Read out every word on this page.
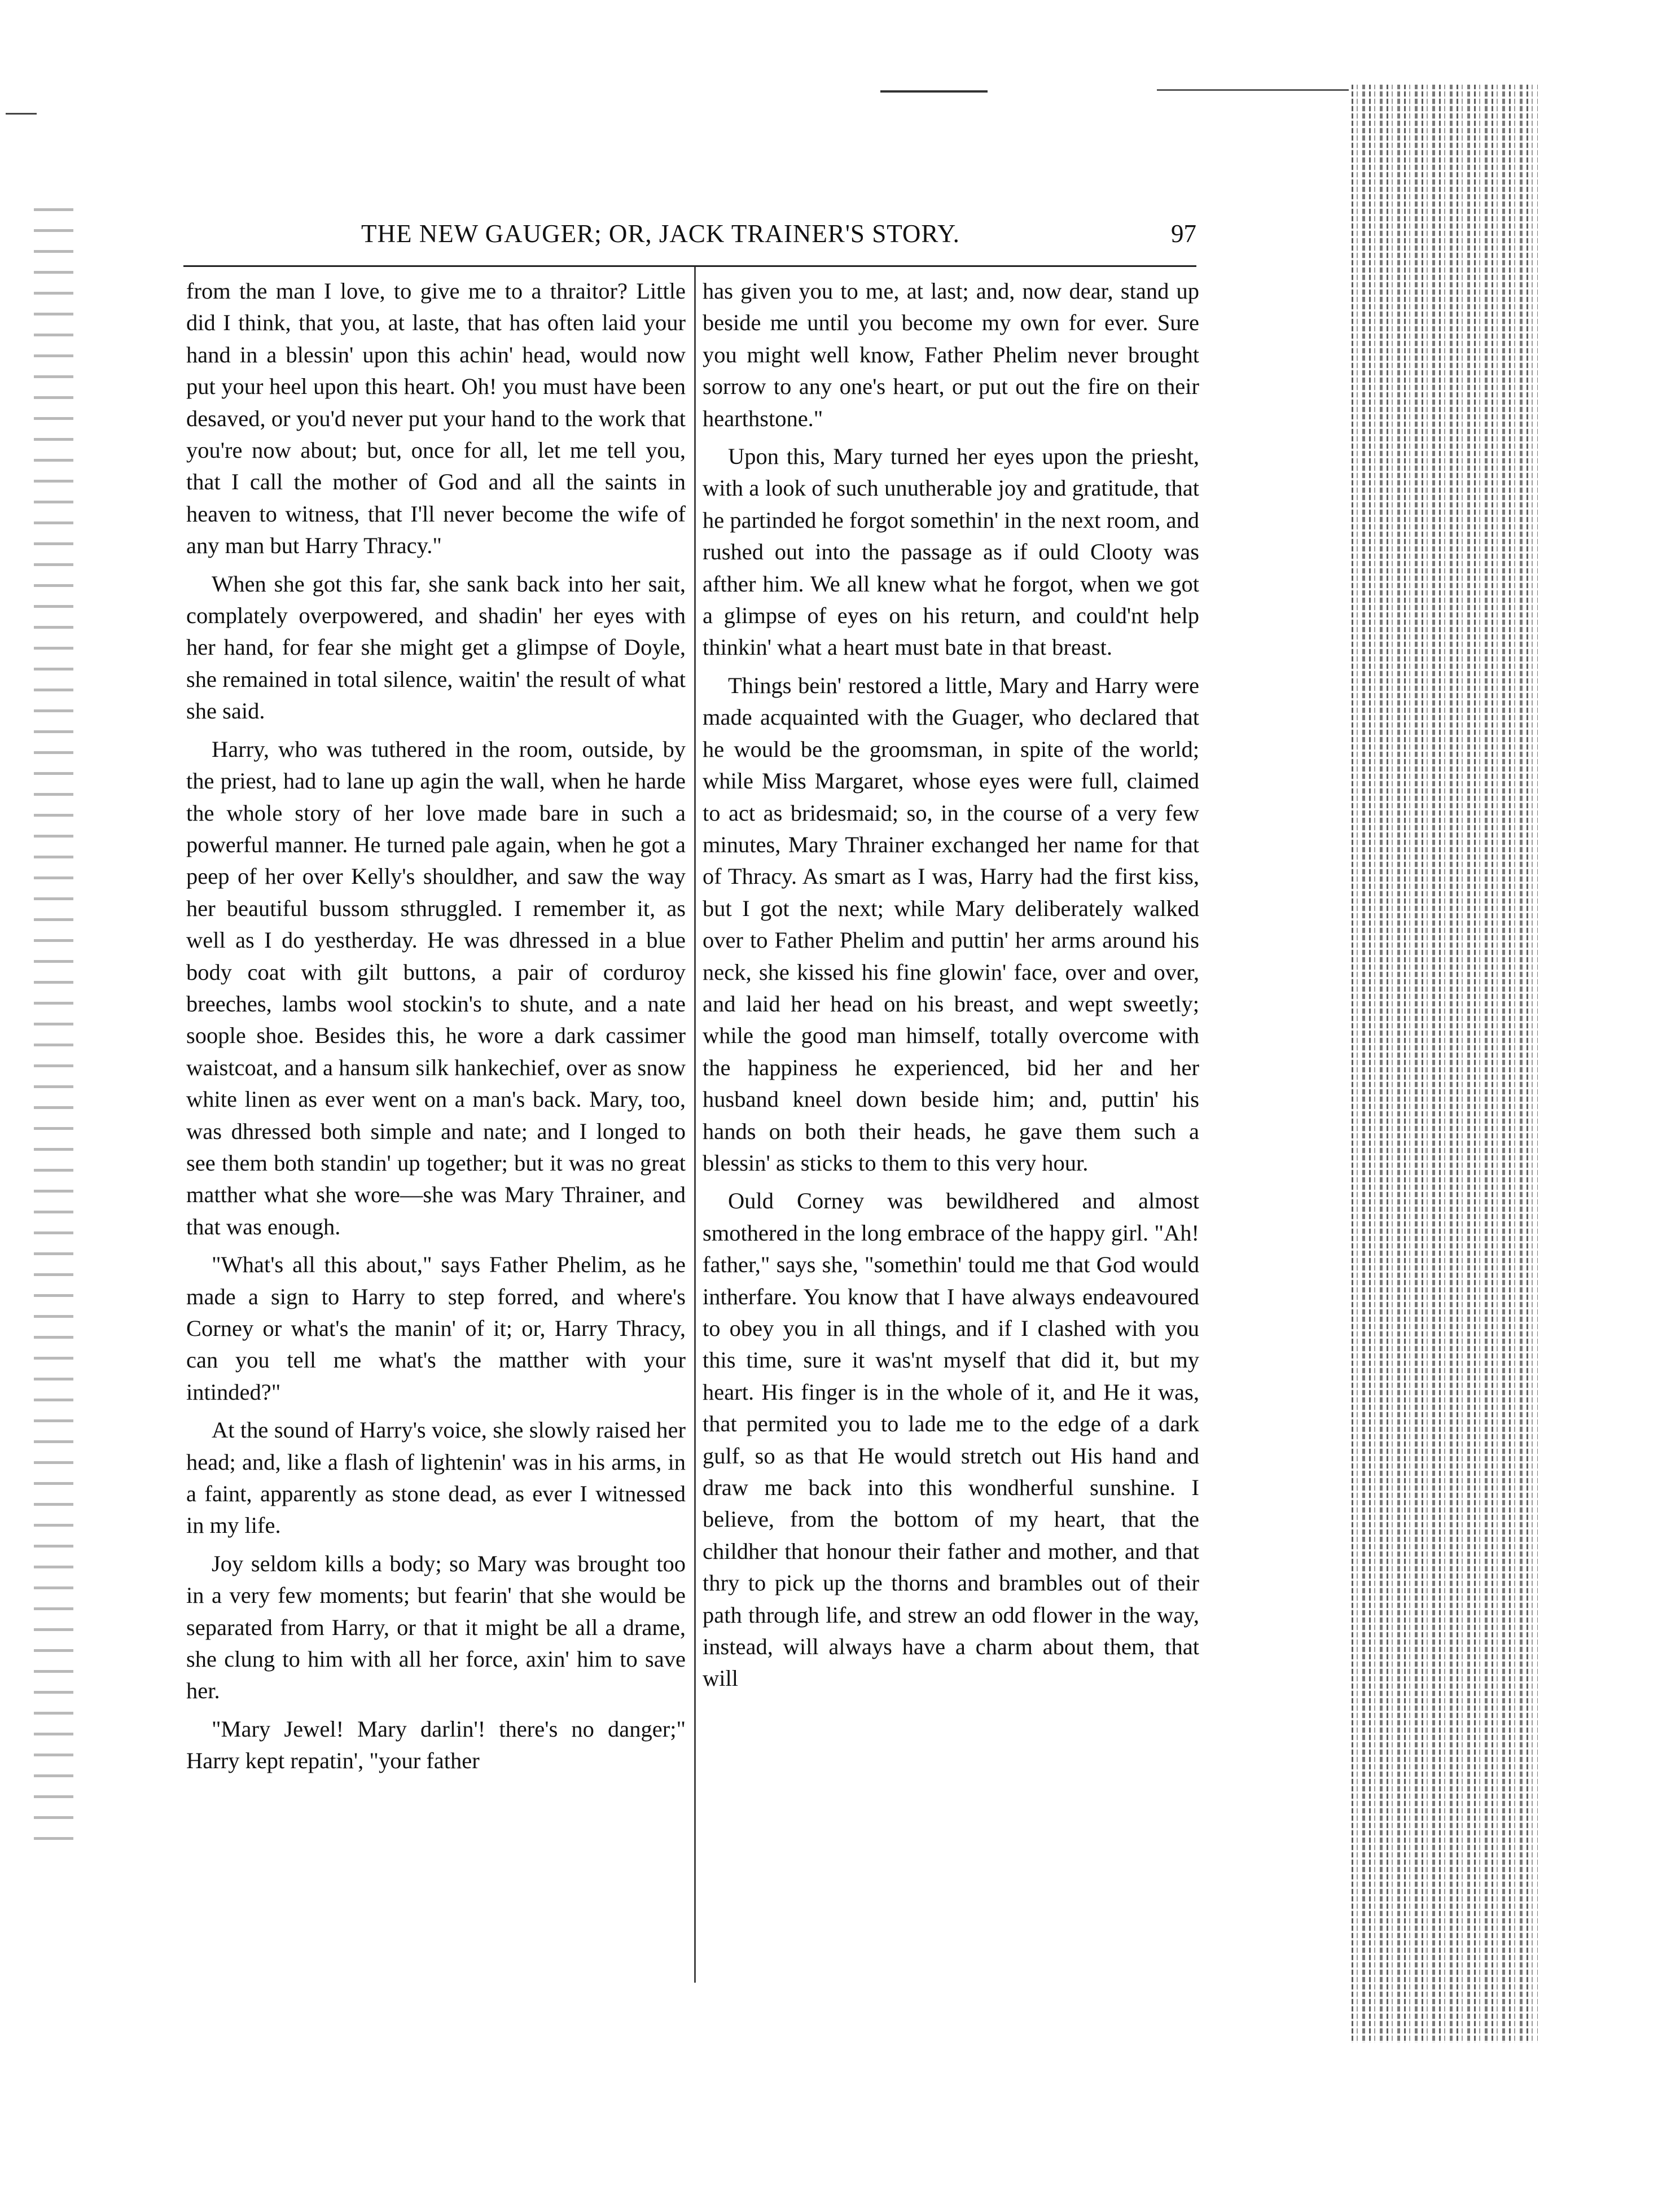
THE NEW GAUGER; OR, JACK TRAINER'S STORY.	97

from the man I love, to give me to a thraitor? Little did I think, that you, at laste, that has often laid your hand in a blessin' upon this achin' head, would now put your heel upon this heart. Oh! you must have been desaved, or you'd never put your hand to the work that you're now about; but, once for all, let me tell you, that I call the mother of God and all the saints in heaven to witness, that I'll never become the wife of any man but Harry Thracy."

When she got this far, she sank back into her sait, complately overpowered, and shadin' her eyes with her hand, for fear she might get a glimpse of Doyle, she remained in total silence, waitin' the result of what she said.

Harry, who was tuthered in the room, outside, by the priest, had to lane up agin the wall, when he harde the whole story of her love made bare in such a powerful manner. He turned pale again, when he got a peep of her over Kelly's shouldher, and saw the way her beautiful bussom sthruggled. I remember it, as well as I do yestherday. He was dhressed in a blue body coat with gilt buttons, a pair of corduroy breeches, lambs wool stockin's to shute, and a nate soople shoe. Besides this, he wore a dark cassimer waistcoat, and a hansum silk hankechief, over as snow white linen as ever went on a man's back. Mary, too, was dhressed both simple and nate; and I longed to see them both standin' up together; but it was no great matther what she wore—she was Mary Thrainer, and that was enough.

"What's all this about," says Father Phelim, as he made a sign to Harry to step forred, and where's Corney or what's the manin' of it; or, Harry Thracy, can you tell me what's the matther with your intinded?"

At the sound of Harry's voice, she slowly raised her head; and, like a flash of lightenin' was in his arms, in a faint, apparently as stone dead, as ever I witnessed in my life.

Joy seldom kills a body; so Mary was brought too in a very few moments; but fearin' that she would be separated from Harry, or that it might be all a drame, she clung to him with all her force, axin' him to save her.

"Mary Jewel! Mary darlin'! there's no danger;" Harry kept repatin', "your father

has given you to me, at last; and, now dear, stand up beside me until you become my own for ever. Sure you might well know, Father Phelim never brought sorrow to any one's heart, or put out the fire on their hearthstone."

Upon this, Mary turned her eyes upon the priesht, with a look of such unutherable joy and gratitude, that he partinded he forgot somethin' in the next room, and rushed out into the passage as if ould Clooty was afther him. We all knew what he forgot, when we got a glimpse of eyes on his return, and could'nt help thinkin' what a heart must bate in that breast.

Things bein' restored a little, Mary and Harry were made acquainted with the Guager, who declared that he would be the groomsman, in spite of the world; while Miss Margaret, whose eyes were full, claimed to act as bridesmaid; so, in the course of a very few minutes, Mary Thrainer exchanged her name for that of Thracy. As smart as I was, Harry had the first kiss, but I got the next; while Mary deliberately walked over to Father Phelim and puttin' her arms around his neck, she kissed his fine glowin' face, over and over, and laid her head on his breast, and wept sweetly; while the good man himself, totally overcome with the happiness he experienced, bid her and her husband kneel down beside him; and, puttin' his hands on both their heads, he gave them such a blessin' as sticks to them to this very hour.

Ould Corney was bewildhered and almost smothered in the long embrace of the happy girl. "Ah! father," says she, "somethin' tould me that God would intherfare. You know that I have always endeavoured to obey you in all things, and if I clashed with you this time, sure it was'nt myself that did it, but my heart. His finger is in the whole of it, and He it was, that permited you to lade me to the edge of a dark gulf, so as that He would stretch out His hand and draw me back into this wondherful sunshine. I believe, from the bottom of my heart, that the childher that honour their father and mother, and that thry to pick up the thorns and brambles out of their path through life, and strew an odd flower in the way, instead, will always have a charm about them, that will
